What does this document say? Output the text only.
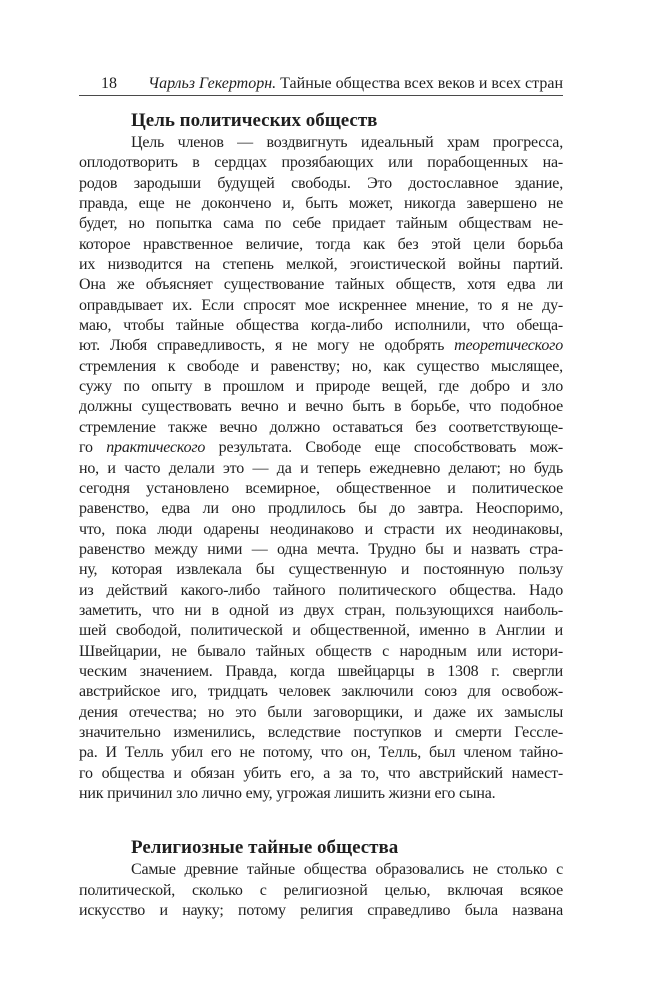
18 Чарльз Гекерторн. Тайные общества всех веков и всех стран
Цель политических обществ
Цель членов — воздвигнуть идеальный храм прогресса,
оплодотворить в сердцах прозябающих или порабощенных на-
родов зародыши будущей свободы. Это достославное здание,
правда, еще не докончено и, быть может, никогда завершено не
будет, но попытка сама по себе придает тайным обществам не-
которое нравственное величие, тогда как без этой цели борьба
их низводится на степень мелкой, эгоистической войны партий.
Она же объясняет существование тайных обществ, хотя едва ли
оправдывает их. Если спросят мое искреннее мнение, то я не ду-
маю, чтобы тайные общества когда-либо исполнили, что обеща-
ют. Любя справедливость, я не могу не одобрять теоретического
стремления к свободе и равенству; но, как существо мыслящее,
сужу по опыту в прошлом и природе вещей, где добро и зло
должны существовать вечно и вечно быть в борьбе, что подобное
стремление также вечно должно оставаться без соответствующе-
го практического результата. Свободе еще способствовать мож-
но, и часто делали это — да и теперь ежедневно делают; но будь
сегодня установлено всемирное, общественное и политическое
равенство, едва ли оно продлилось бы до завтра. Неоспоримо,
что, пока люди одарены неодинаково и страсти их неодинаковы,
равенство между ними — одна мечта. Трудно бы и назвать стра-
ну, которая извлекала бы существенную и постоянную пользу
из действий какого-либо тайного политического общества. Надо
заметить, что ни в одной из двух стран, пользующихся наиболь-
шей свободой, политической и общественной, именно в Англии и
Швейцарии, не бывало тайных обществ с народным или истори-
ческим значением. Правда, когда швейцарцы в 1308 г. свергли
австрийское иго, тридцать человек заключили союз для освобож-
дения отечества; но это были заговорщики, и даже их замыслы
значительно изменились, вследствие поступков и смерти Гессле-
ра. И Телль убил его не потому, что он, Телль, был членом тайно-
го общества и обязан убить его, а за то, что австрийский намест-
ник причинил зло лично ему, угрожая лишить жизни его сына.
Религиозные тайные общества
Самые древние тайные общества образовались не столько с
политической, сколько с религиозной целью, включая всякое
искусство и науку; потому религия справедливо была названа
